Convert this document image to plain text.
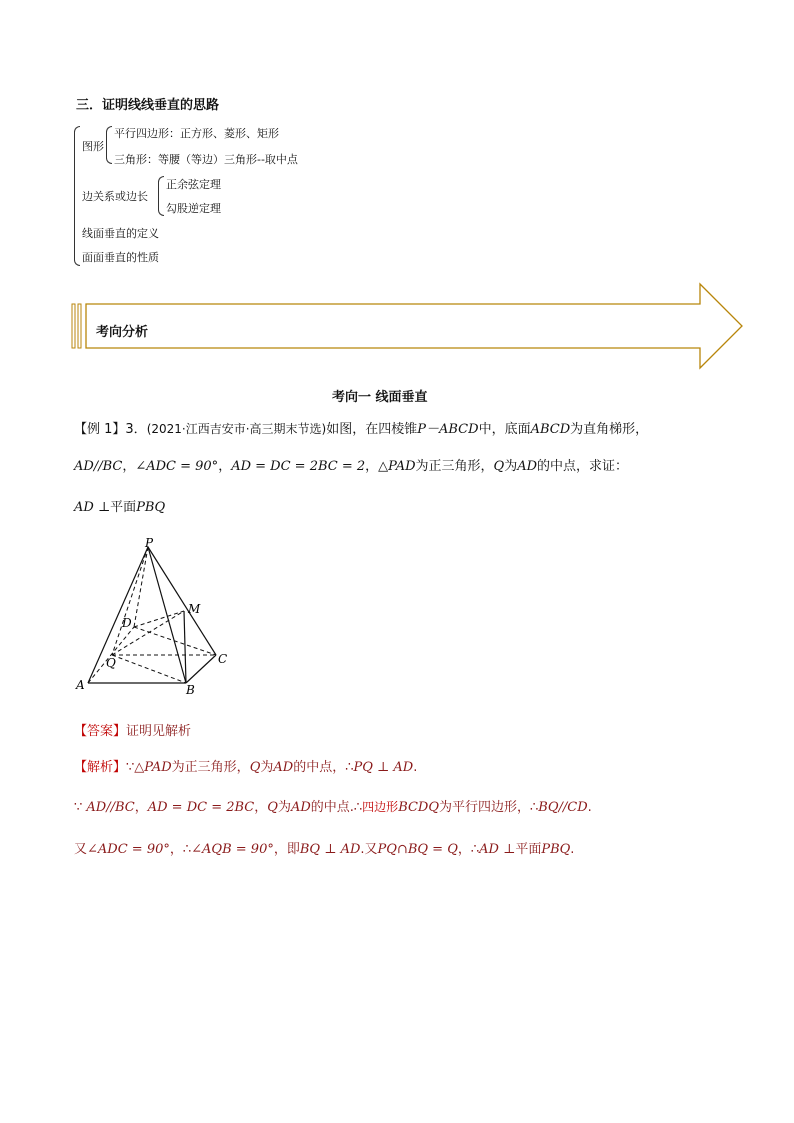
三．证明线线垂直的思路
图形
平行四边形：正方形、菱形、矩形
三角形：等腰（等边）三角形--取中点
边关系或边长
正余弦定理
勾股逆定理
线面垂直的定义
面面垂直的性质
考向分析
考向一 线面垂直
【例 1】3．(2021·江西吉安市·高三期末节选)如图，在四棱锥P－ABCD中，底面ABCD为直角梯形，
AD//BC，∠ADC = 90°，AD = DC = 2BC = 2，△PAD为正三角形，Q为AD的中点，求证：
AD ⊥平面PBQ
P
M
D
Q	C
A	B
【答案】证明见解析
【解析】∵△PAD为正三角形，Q为AD的中点，∴PQ ⊥ AD.
∵ AD//BC，AD = DC = 2BC，Q为AD的中点.∴四边形BCDQ为平行四边形，∴BQ//CD.
又∠ADC = 90°，∴∠AQB = 90°，即BQ ⊥ AD.又PQ∩BQ = Q，∴AD ⊥平面PBQ.
